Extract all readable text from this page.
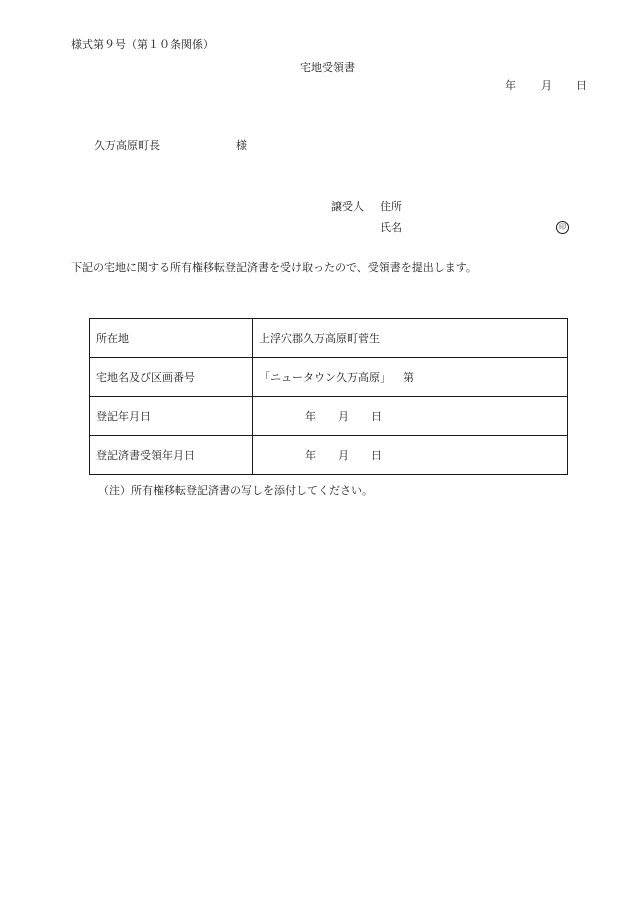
様式第９号（第１０条関係）
宅地受領書
年 月 日
久万高原町長	様
譲受人 住所
氏名	印
下記の宅地に関する所有権移転登記済書を受け取ったので、受領書を提出します。
所在地	上浮穴郡久万高原町菅生
宅地名及び区画番号	「ニュータウン久万高原」 第
登記年月日	年 月 日
登記済書受領年月日	年 月 日
（注）所有権移転登記済書の写しを添付してください。
